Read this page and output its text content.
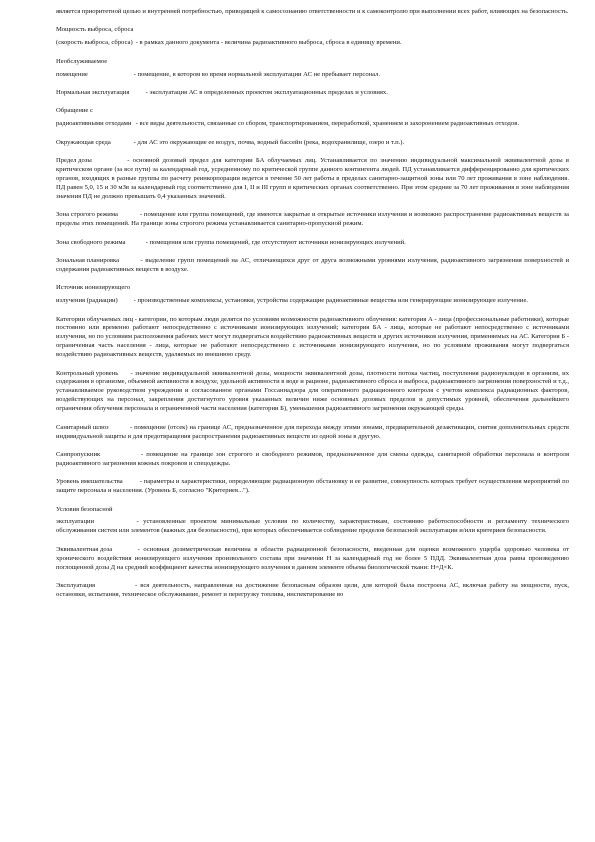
является приоритетной целью и внутренней потребностью, приводящей к самосознанию ответственности и к самоконтролю при выполнении всех работ, влияющих на безопасность.

Мощность выброса, сброса

(скорость выброса, сброса) - в рамках данного документа - величина радиоактивного выброса, сброса в единицу времени.

Необслуживаемое

помещение	- помещение, в котором во время нормальной эксплуатации АС не пребывает персонал.

Нормальная эксплуатация - эксплуатация АС в определенных проектом эксплуатационных пределах и условиях.

Обращение с

радиоактивными отходами - все виды деятельности, связанные со сбором, транспортированием, переработкой, хранением и захоронением радиоактивных отходов.

Окружающая среда	- для АС это окружающие ее воздух, почва, водный бассейн (река, водохранилище, озеро и т.п.).

Предел дозы	- основной дозовый предел для категории БА облучаемых лиц. Устанавливается по значению индивидуальной максимальной эквивалентной дозы в критическом органе (за все пути) за календарный год, усредненному по критической группе данного контингента людей. ПД устанавливается дифференцированно для критических органов, входящих в разные группы по расчету реинкорпорации ведется в течение 50 лет работы в пределах санитарно-защитной зоны или 70 лет проживания в зоне наблюдения. ПД равен 5,0, 15 и 30 мЗв за календарный год соответственно для I, II и III групп в критических органах соответственно. При этом средние за 70 лет проживания в зоне наблюдения значения ПД не должно превышать 0,4 указанных значений.

Зона строгого режима	- помещение или группа помещений, где имеются закрытые и открытые источники излучения и возможно распространение радиоактивных веществ за пределы этих помещений. На границе зоны строгого режима устанавливается санитарно-пропускной режим.

Зона свободного режима	- помещения или группа помещений, где отсутствуют источники ионизирующих излучений.

Зональная планировка	- выделение групп помещений на АС, отличающихся друг от друга возможными уровнями излучения, радиоактивного загрязнения поверхностей и содержания радиоактивных веществ в воздухе.

Источник ионизирующего

излучения (радиации) - производственные комплексы, установки, устройства содержащие радиоактивные вещества или генерирующие ионизирующее излучение.

Категории облучаемых лиц - категории, по которым люди делятся по условиям возможности радиоактивного облучения: категория А - лица (профессиональные работники), которые постоянно или временно работают непосредственно с источниками ионизирующих излучений; категория БА - лица, которые не работают непосредственно с источниками излучения, но по условиям расположения рабочих мест могут подвергаться воздействию радиоактивных веществ и других источников излучения, применяемых на АС. Категория Б - ограниченная часть населения - лица, которые не работают непосредственно с источниками ионизирующего излучения, но по условиям проживания могут подвергаться воздействию радиоактивных веществ, удаляемых во внешнюю среду.

Контрольный уровень - значение индивидуальной эквивалентной дозы, мощности эквивалентной дозы, плотности потока частиц, поступления радионуклидов в организм, их содержания в организме, объемной активности в воздухе, удельной активности в воде и рационе, радиоактивного сброса и выброса, радиоактивного загрязнения поверхностей и т.д., устанавливаемое руководством учреждения и согласованное органами Госсаннадзора для оперативного радиационного контроля с учетом комплекса радиационных факторов, воздействующих на персонал, закрепления достигнутого уровня указанных величин ниже основных дозовых пределов и допустимых уровней, обеспечения дальнейшего ограничения облучения персонала и ограниченной части населения (категории Б), уменьшения радиоактивного загрязнения окружающей среды.

Санитарный шлюз	- помещение (отсек) на границе АС, предназначенное для перехода между этими зонами, предварительной дезактивации, снятия дополнительных средств индивидуальной защиты и для предотвращения распространения радиоактивных веществ из одной зоны в другую.

Санпропускник	- помещение на границе зон строгого и свободного режимов, предназначенное для смены одежды, санитарной обработки персонала и контроля радиоактивного загрязнения кожных покровов и спецодежды.

Уровень вмешательства	- параметры и характеристики, определяющие радиационную обстановку и ее развитие, совокупность которых требует осуществления мероприятий по защите персонала и населения. (Уровень Б, согласно "Критериев...").

Условия безопасной

эксплуатации	- установленные проектом минимальные условия по количеству, характеристикам, состоянию работоспособности и регламенту технического обслуживания систем или элементов (важных для безопасности), при которых обеспечивается соблюдение пределов безопасной эксплуатации и/или критериев безопасности.

Эквивалентная доза	- основная дозиметрическая величина в области радиационной безопасности, введенная для оценки возможного ущерба здоровью человека от хронического воздействия ионизирующего излучения произвольного состава при значении Н за календарный год не более 5 ПДД. Эквивалентная доза равна произведению поглощенной дозы Д на средний коэффициент качества ионизирующего излучения в данном элементе объема биологической ткани: Н=Д×К.

Эксплуатация	- вся деятельность, направленная на достижение безопасным образом цели, для которой была построена АС, включая работу на мощности, пуск, остановки, испытания, техническое обслуживание, ремонт и перегрузку топлива, инспектирование во
